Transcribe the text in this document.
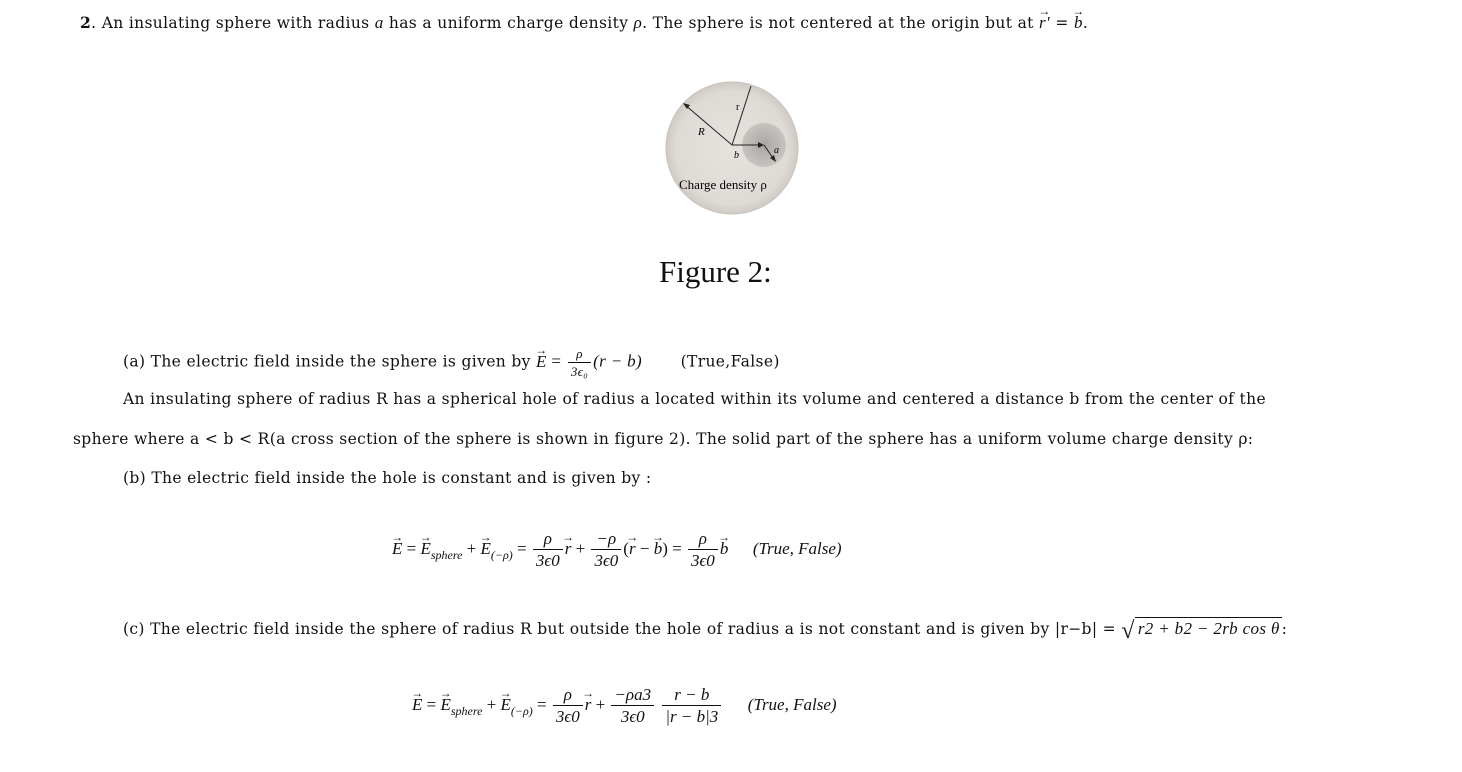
2. An insulating sphere with radius a has a uniform charge density ρ. The sphere is not centered at the origin but at → r′ = → b.
r
R
b	a
Charge density ρ
Figure 2:
(a) The electric field inside the sphere is given by → $E = \frac{\rho}{\text{3ϵ₀}} (r - b)$ (True,False)
An insulating sphere of radius R has a spherical hole of radius a located within its volume and centered a distance b from the center of the
sphere where a < b < R(a cross section of the sphere is shown in figure 2). The solid part of the sphere has a uniform volume charge density ρ:
(b) The electric field inside the hole is constant and is given by :
→ E = → $E_{sphere}$ + → $E_{(-\rho)} = \frac{\rho}{3\epsilon 0}$
→ $r + \frac{-\rho}{3\epsilon 0}$ (→ r − → $b) = \frac{\rho}{3\epsilon 0}$
→ b (True, False)
(c) The electric field inside the sphere of radius R but outside the hole of radius a is not constant and is given by |r−b| = √ r2 + b2 − 2rb cos θ :
→ E = → $E_{sphere}$ + → $E_{(-\rho)} = \frac{\rho}{3\epsilon 0}$
→ $r + \frac{-\rho a3}{3\epsilon 0}$
$\frac{r - b}{|r - b|3}$ (True, False)
